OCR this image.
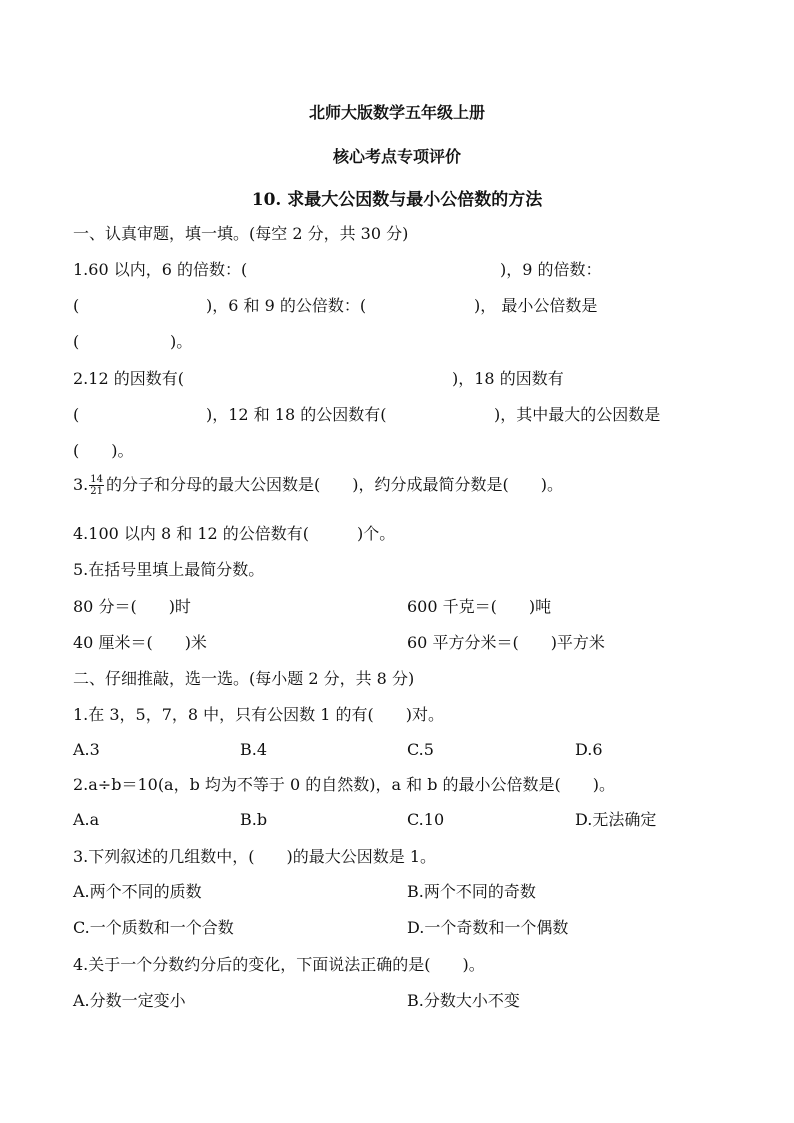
北师大版数学五年级上册
核心考点专项评价
10. 求最大公因数与最小公倍数的方法
一、认真审题，填一填。(每空 2 分，共 30 分)
1.60 以内，6 的倍数：(	)，9 的倍数：
(	)，6 和 9 的公倍数：(	)， 最小公倍数是
(	)。
2.12 的因数有(	)，18 的因数有
(	)，12 和 18 的公因数有(	)，其中最大的公因数是
(　　)。
3. $\frac{14}{21}$ 的分子和分母的最大公因数是(　　)，约分成最简分数是(　　)。
4.100 以内 8 和 12 的公倍数有(　　　)个。
5.在括号里填上最简分数。
80 分＝(　　)时	600 千克＝(　　)吨
40 厘米＝(　　)米	60 平方分米＝(　　)平方米
二、仔细推敲，选一选。(每小题 2 分，共 8 分)
1.在 3，5，7，8 中，只有公因数 1 的有(　　)对。
A.3	B.4	C.5	D.6
2.a÷b＝10(a，b 均为不等于 0 的自然数)，a 和 b 的最小公倍数是(　　)。
A.a	B.b	C.10	D.无法确定
3.下列叙述的几组数中，(　　)的最大公因数是 1。
A.两个不同的质数	B.两个不同的奇数
C.一个质数和一个合数	D.一个奇数和一个偶数
4.关于一个分数约分后的变化，下面说法正确的是(　　)。
A.分数一定变小	B.分数大小不变
